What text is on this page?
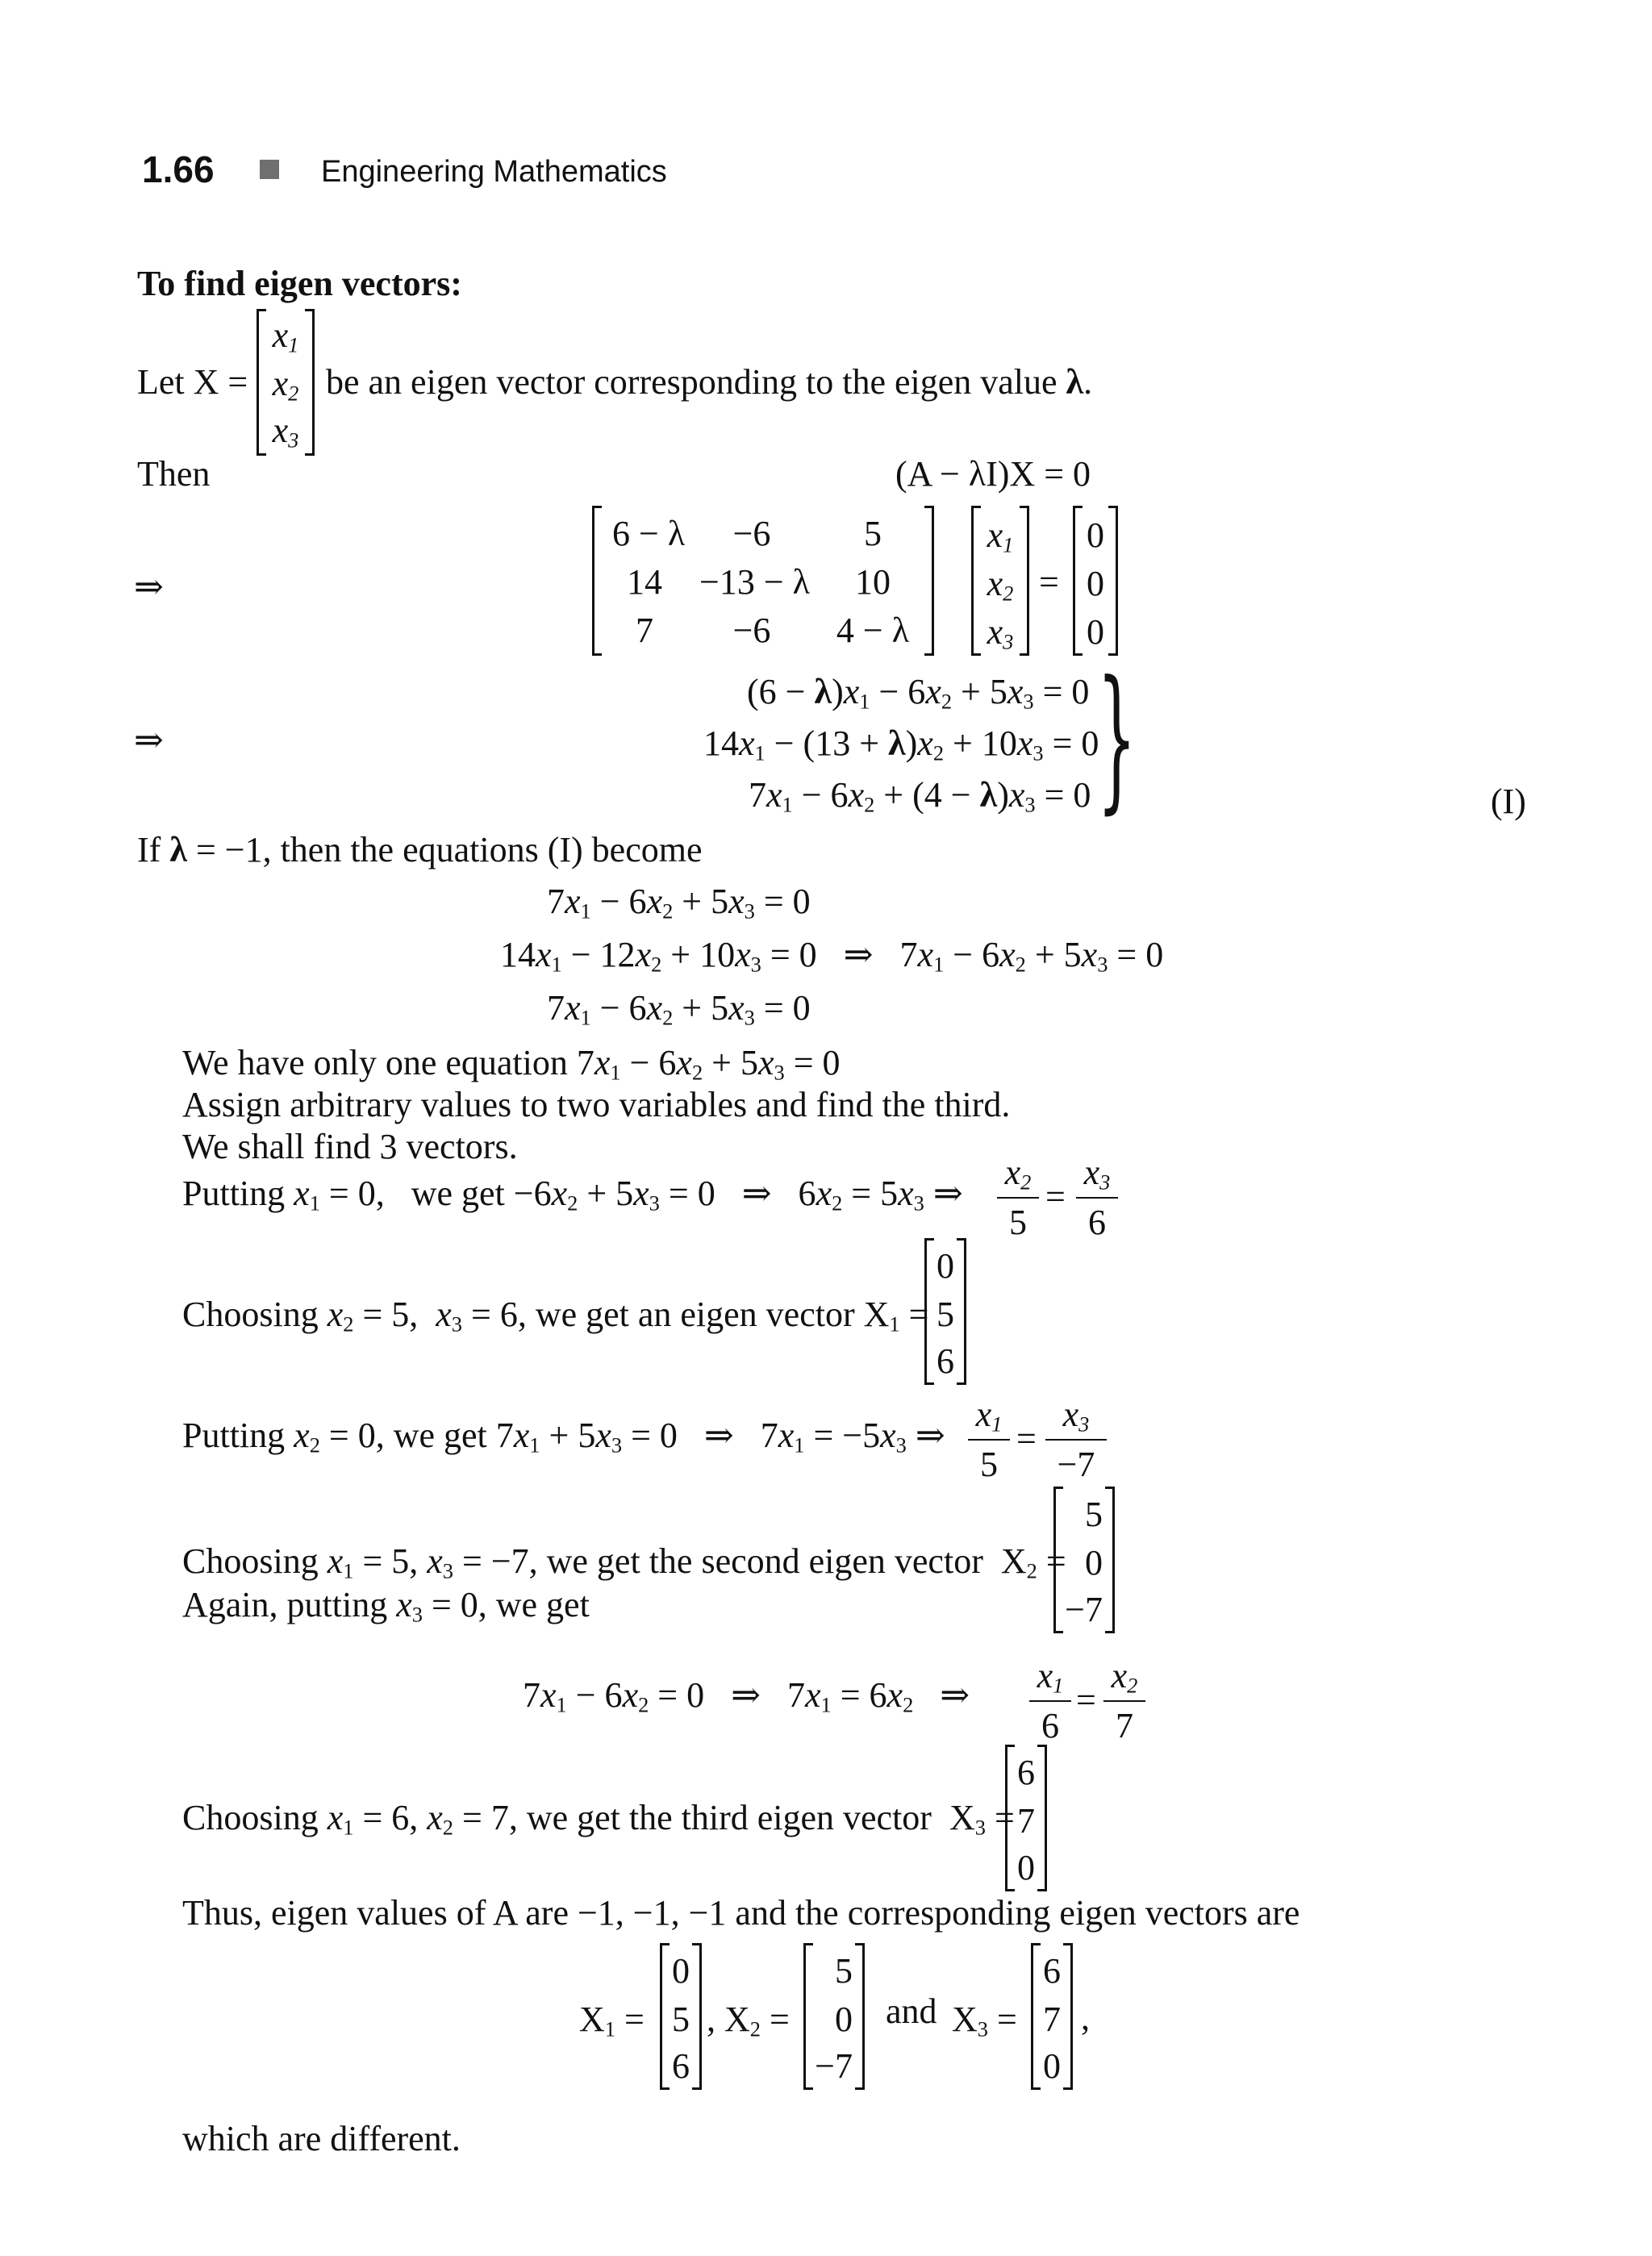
1.66	Engineering Mathematics
To find eigen vectors:
Let X =
$x_1$
$x_2$
$x_3$
be an eigen vector corresponding to the eigen value λ.
Then	(A − λI)X = 0
⇒
6 − λ	−6	5
14	−13 − λ	10
7	−6	4 − λ
$x_1$
$x_2$
$x_3$
=
0
0
0
⇒
$(6 - \lambda)x_1 - 6x_2 + 5x_3 = 0$
$14x_1 - (13 + \lambda)x_2 + 10x_3 = 0$
$7x_1 - 6x_2 + (4 - \lambda)x_3 = 0$ }	(I)
If λ = −1, then the equations (I) become
$7x_1 - 6x_2 + 5x_3 = 0$
$14x_1 - 12x_2 + 10x_3 = 0$   ⇒   $7x_1 - 6x_2 + 5x_3 = 0$
$7x_1 - 6x_2 + 5x_3 = 0$
We have only one equation $7x_1 - 6x_2 + 5x_3 = 0$
Assign arbitrary values to two variables and find the third.
We shall find 3 vectors.
Putting $x_1 = 0$,   we get $-6x_2 + 5x_3 = 0$   ⇒   $6x_2 = 5x_3$ ⇒
$x_2$
5
=
$x_3$
6
Choosing $x_2 = 5$,  $x_3 = 6$, we get an eigen vector $X_1$ =
0
5
6
Putting $x_2 = 0$, we get $7x_1 + 5x_3 = 0$   ⇒   $7x_1 = -5x_3$ ⇒
$x_1$
5
=
$x_3$
−7
Choosing $x_1 = 5$, $x_3 = -7$, we get the second eigen vector  $X_2$ =
Again, putting $x_3 = 0$, we get
5
0
−7
$7x_1 - 6x_2 = 0$   ⇒   $7x_1 = 6x_2$   ⇒ $x_1$
6
=
$x_2$
7
Choosing $x_1 = 6$, $x_2 = 7$, we get the third eigen vector  $X_3$ =
6
7
0
Thus, eigen values of A are −1, −1, −1 and the corresponding eigen vectors are
$X_1$ =
0
5
6
, $X_2$ =
5
0
−7
and $X_3$ =
6
7
0
,
which are different.
